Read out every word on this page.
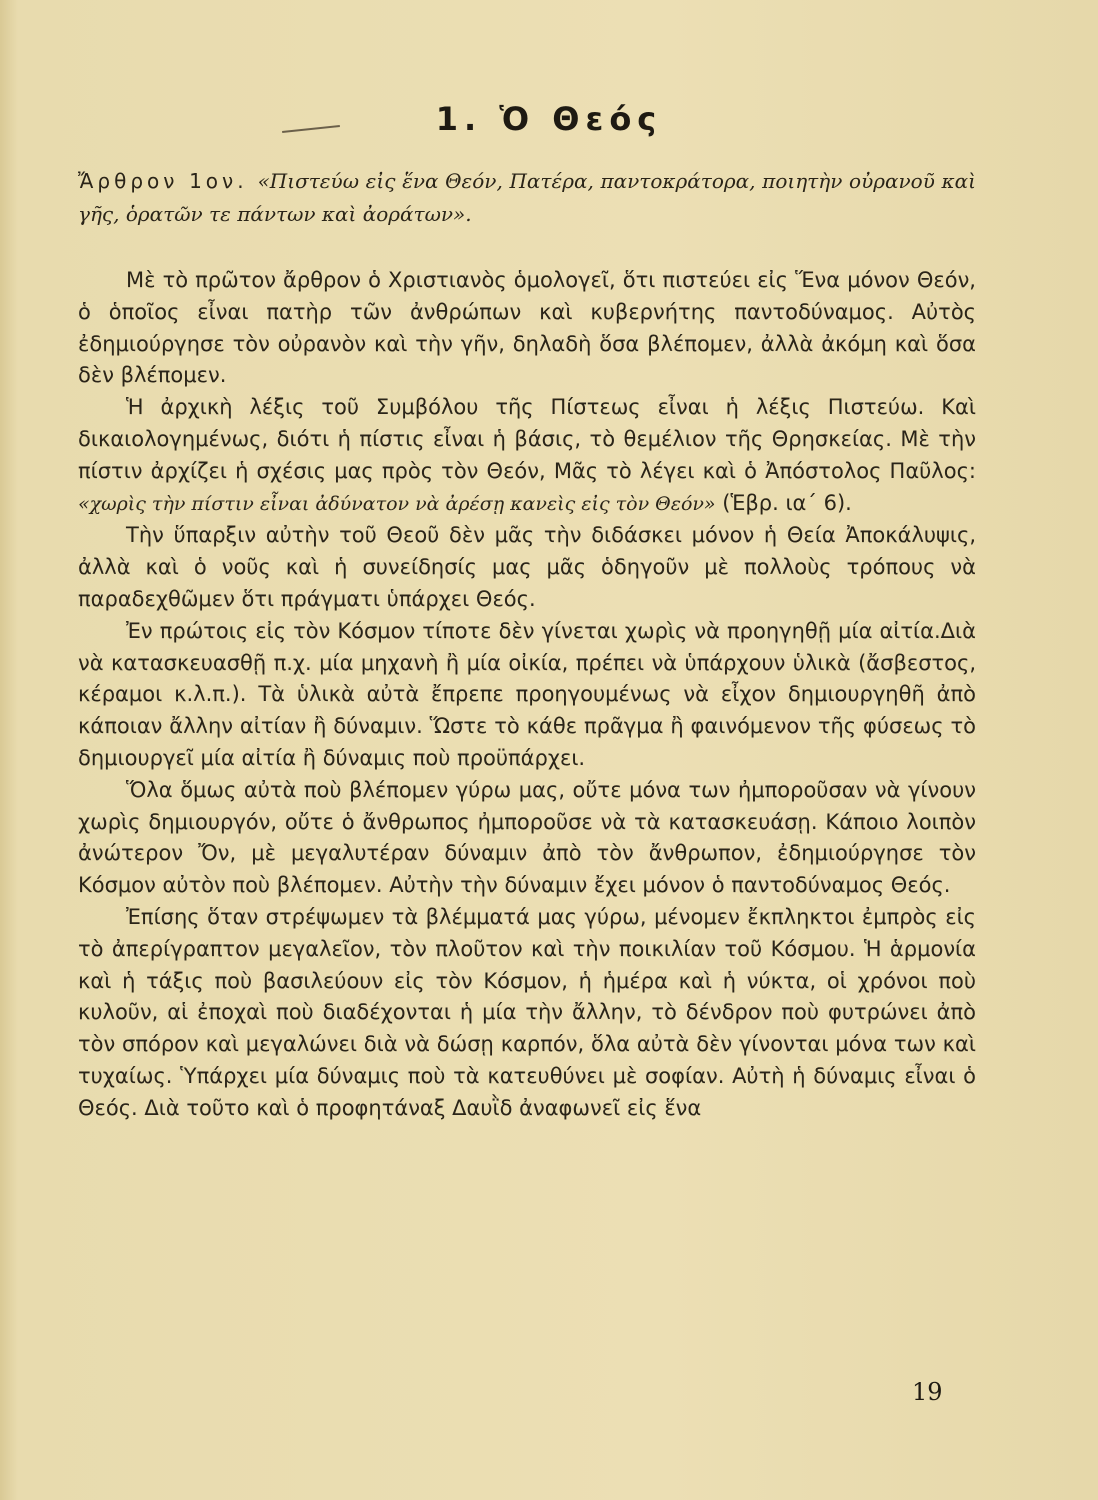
1. Ὁ Θεός

Ἄρθρον 1ον. «Πιστεύω εἰς ἕνα Θεόν, Πατέρα, παντοκράτορα, ποιητὴν οὐρανοῦ καὶ γῆς, ὁρατῶν τε πάντων καὶ ἀοράτων».

Μὲ τὸ πρῶτον ἄρθρον ὁ Χριστιανὸς ὁμολογεῖ, ὅτι πιστεύει εἰς Ἕνα μόνον Θεόν, ὁ ὁποῖος εἶναι πατὴρ τῶν ἀνθρώπων καὶ κυβερνήτης παντοδύναμος. Αὐτὸς ἐδημιούργησε τὸν οὐρανὸν καὶ τὴν γῆν, δηλαδὴ ὅσα βλέπομεν, ἀλλὰ ἀκόμη καὶ ὅσα δὲν βλέπομεν.

Ἡ ἀρχικὴ λέξις τοῦ Συμβόλου τῆς Πίστεως εἶναι ἡ λέξις Πιστεύω. Καὶ δικαιολογημένως, διότι ἡ πίστις εἶναι ἡ βάσις, τὸ θεμέλιον τῆς Θρησκείας. Μὲ τὴν πίστιν ἀρχίζει ἡ σχέσις μας πρὸς τὸν Θεόν, Μᾶς τὸ λέγει καὶ ὁ Ἀπόστολος Παῦλος: «χωρὶς τὴν πίστιν εἶναι ἀδύνατον νὰ ἀρέσῃ κανεὶς εἰς τὸν Θεόν» (Ἑβρ. ια΄ 6).

Τὴν ὕπαρξιν αὐτὴν τοῦ Θεοῦ δὲν μᾶς τὴν διδάσκει μόνον ἡ Θεία Ἀποκάλυψις, ἀλλὰ καὶ ὁ νοῦς καὶ ἡ συνείδησίς μας μᾶς ὁδηγοῦν μὲ πολλοὺς τρόπους νὰ παραδεχθῶμεν ὅτι πράγματι ὑπάρχει Θεός.

Ἐν πρώτοις εἰς τὸν Κόσμον τίποτε δὲν γίνεται χωρὶς νὰ προηγηθῇ μία αἰτία.Διὰ νὰ κατασκευασθῇ π.χ. μία μηχανὴ ἢ μία οἰκία, πρέπει νὰ ὑπάρχουν ὑλικὰ (ἄσβεστος, κέραμοι κ.λ.π.). Τὰ ὑλικὰ αὐτὰ ἔπρεπε προηγουμένως νὰ εἶχον δημιουργηθῆ ἀπὸ κάποιαν ἄλλην αἰτίαν ἢ δύναμιν. Ὥστε τὸ κάθε πρᾶγμα ἢ φαινόμενον τῆς φύσεως τὸ δημιουργεῖ μία αἰτία ἢ δύναμις ποὺ προϋπάρχει.

Ὅλα ὅμως αὐτὰ ποὺ βλέπομεν γύρω μας, οὔτε μόνα των ἠμποροῦσαν νὰ γίνουν χωρὶς δημιουργόν, οὔτε ὁ ἄνθρωπος ἠμποροῦσε νὰ τὰ κατασκευάσῃ. Κάποιο λοιπὸν ἀνώτερον Ὄν, μὲ μεγαλυτέραν δύναμιν ἀπὸ τὸν ἄνθρωπον, ἐδημιούργησε τὸν Κόσμον αὐτὸν ποὺ βλέπομεν. Αὐτὴν τὴν δύναμιν ἔχει μόνον ὁ παντοδύναμος Θεός.

Ἐπίσης ὅταν στρέψωμεν τὰ βλέμματά μας γύρω, μένομεν ἔκπληκτοι ἐμπρὸς εἰς τὸ ἀπερίγραπτον μεγαλεῖον, τὸν πλοῦτον καὶ τὴν ποικιλίαν τοῦ Κόσμου. Ἡ ἁρμονία καὶ ἡ τάξις ποὺ βασιλεύουν εἰς τὸν Κόσμον, ἡ ἡμέρα καὶ ἡ νύκτα, οἱ χρόνοι ποὺ κυλοῦν, αἱ ἐποχαὶ ποὺ διαδέχονται ἡ μία τὴν ἄλλην, τὸ δένδρον ποὺ φυτρώνει ἀπὸ τὸν σπόρον καὶ μεγαλώνει διὰ νὰ δώσῃ καρπόν, ὅλα αὐτὰ δὲν γίνονται μόνα των καὶ τυχαίως. Ὑπάρχει μία δύναμις ποὺ τὰ κατευθύνει μὲ σοφίαν. Αὐτὴ ἡ δύναμις εἶναι ὁ Θεός. Διὰ τοῦτο καὶ ὁ προφητάναξ Δαυῒδ ἀναφωνεῖ εἰς ἕνα

19
